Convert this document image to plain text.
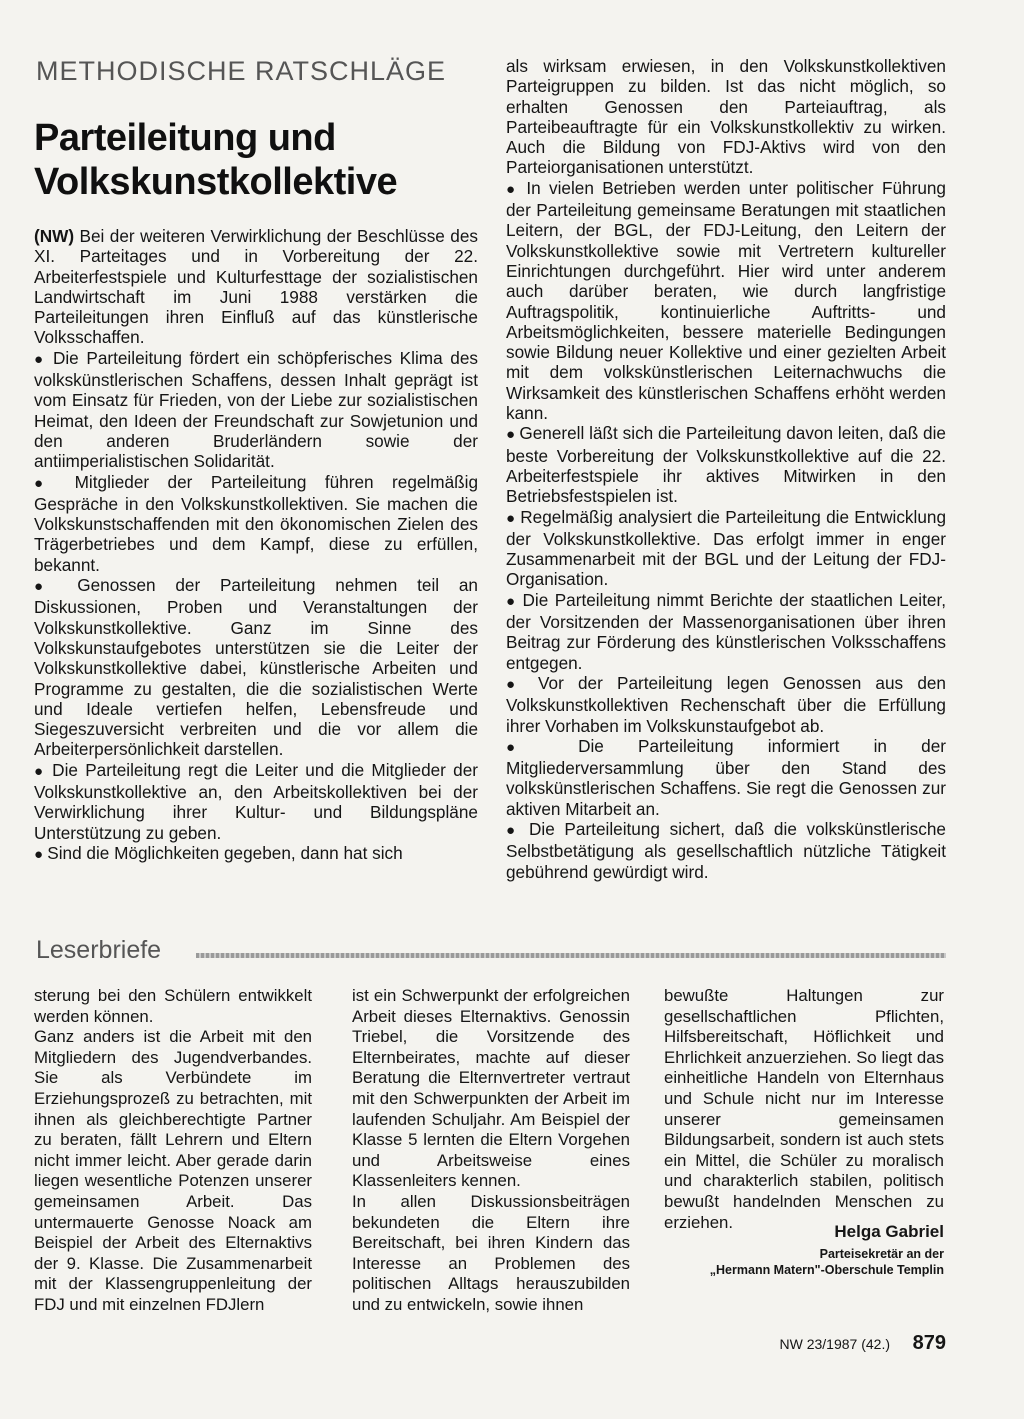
METHODISCHE RATSCHLÄGE
Parteileitung und
Volkskunstkollektive

(NW) Bei der weiteren Verwirklichung der Beschlüsse des XI. Parteitages und in Vorbereitung der 22. Arbeiterfestspiele und Kulturfesttage der sozialistischen Landwirtschaft im Juni 1988 verstärken die Parteileitungen ihren Einfluß auf das künstlerische Volksschaffen.

● Die Parteileitung fördert ein schöpferisches Klima des volkskünstlerischen Schaffens, dessen Inhalt geprägt ist vom Einsatz für Frieden, von der Liebe zur sozialistischen Heimat, den Ideen der Freundschaft zur Sowjetunion und den anderen Bruderländern sowie der antiimperialistischen Solidarität.

● Mitglieder der Parteileitung führen regelmäßig Gespräche in den Volkskunstkollektiven. Sie machen die Volkskunstschaffenden mit den ökonomischen Zielen des Trägerbetriebes und dem Kampf, diese zu erfüllen, bekannt.

● Genossen der Parteileitung nehmen teil an Diskussionen, Proben und Veranstaltungen der Volkskunstkollektive. Ganz im Sinne des Volkskunstaufgebotes unterstützen sie die Leiter der Volkskunstkollektive dabei, künstlerische Arbeiten und Programme zu gestalten, die die sozialistischen Werte und Ideale vertiefen helfen, Lebensfreude und Siegeszuversicht verbreiten und die vor allem die Arbeiterpersönlichkeit darstellen.

● Die Parteileitung regt die Leiter und die Mitglieder der Volkskunstkollektive an, den Arbeitskollektiven bei der Verwirklichung ihrer Kultur- und Bildungspläne Unterstützung zu geben.

● Sind die Möglichkeiten gegeben, dann hat sich

als wirksam erwiesen, in den Volkskunstkollektiven Parteigruppen zu bilden. Ist das nicht möglich, so erhalten Genossen den Parteiauftrag, als Parteibeauftragte für ein Volkskunstkollektiv zu wirken. Auch die Bildung von FDJ-Aktivs wird von den Parteiorganisationen unterstützt.

● In vielen Betrieben werden unter politischer Führung der Parteileitung gemeinsame Beratungen mit staatlichen Leitern, der BGL, der FDJ-Leitung, den Leitern der Volkskunstkollektive sowie mit Vertretern kultureller Einrichtungen durchgeführt. Hier wird unter anderem auch darüber beraten, wie durch langfristige Auftragspolitik, kontinuierliche Auftritts- und Arbeitsmöglichkeiten, bessere materielle Bedingungen sowie Bildung neuer Kollektive und einer gezielten Arbeit mit dem volkskünstlerischen Leiternachwuchs die Wirksamkeit des künstlerischen Schaffens erhöht werden kann.

● Generell läßt sich die Parteileitung davon leiten, daß die beste Vorbereitung der Volkskunstkollektive auf die 22. Arbeiterfestspiele ihr aktives Mitwirken in den Betriebsfestspielen ist.

● Regelmäßig analysiert die Parteileitung die Entwicklung der Volkskunstkollektive. Das erfolgt immer in enger Zusammenarbeit mit der BGL und der Leitung der FDJ-Organisation.

● Die Parteileitung nimmt Berichte der staatlichen Leiter, der Vorsitzenden der Massenorganisationen über ihren Beitrag zur Förderung des künstlerischen Volksschaffens entgegen.

● Vor der Parteileitung legen Genossen aus den Volkskunstkollektiven Rechenschaft über die Erfüllung ihrer Vorhaben im Volkskunstaufgebot ab.

● Die Parteileitung informiert in der Mitgliederversammlung über den Stand des volkskünstlerischen Schaffens. Sie regt die Genossen zur aktiven Mitarbeit an.

● Die Parteileitung sichert, daß die volkskünstlerische Selbstbetätigung als gesellschaftlich nützliche Tätigkeit gebührend gewürdigt wird.

Leserbriefe

sterung bei den Schülern entwikkelt werden können.

Ganz anders ist die Arbeit mit den Mitgliedern des Jugendverbandes. Sie als Verbündete im Erziehungsprozeß zu betrachten, mit ihnen als gleichberechtigte Partner zu beraten, fällt Lehrern und Eltern nicht immer leicht. Aber gerade darin liegen wesentliche Potenzen unserer gemeinsamen Arbeit. Das untermauerte Genosse Noack am Beispiel der Arbeit des Elternaktivs der 9. Klasse. Die Zusammenarbeit mit der Klassengruppenleitung der FDJ und mit einzelnen FDJlern

ist ein Schwerpunkt der erfolgreichen Arbeit dieses Elternaktivs. Genossin Triebel, die Vorsitzende des Elternbeirates, machte auf dieser Beratung die Elternvertreter vertraut mit den Schwerpunkten der Arbeit im laufenden Schuljahr. Am Beispiel der Klasse 5 lernten die Eltern Vorgehen und Arbeitsweise eines Klassenleiters kennen.

In allen Diskussionsbeiträgen bekundeten die Eltern ihre Bereitschaft, bei ihren Kindern das Interesse an Problemen des politischen Alltags herauszubilden und zu entwickeln, sowie ihnen

bewußte Haltungen zur gesellschaftlichen Pflichten, Hilfsbereitschaft, Höflichkeit und Ehrlichkeit anzuerziehen. So liegt das einheitliche Handeln von Elternhaus und Schule nicht nur im Interesse unserer gemeinsamen Bildungsarbeit, sondern ist auch stets ein Mittel, die Schüler zu moralisch und charakterlich stabilen, politisch bewußt handelnden Menschen zu erziehen.	Helga Gabriel
Parteisekretär an der
„Hermann Matern"-Oberschule Templin
NW 23/1987 (42.)	879
